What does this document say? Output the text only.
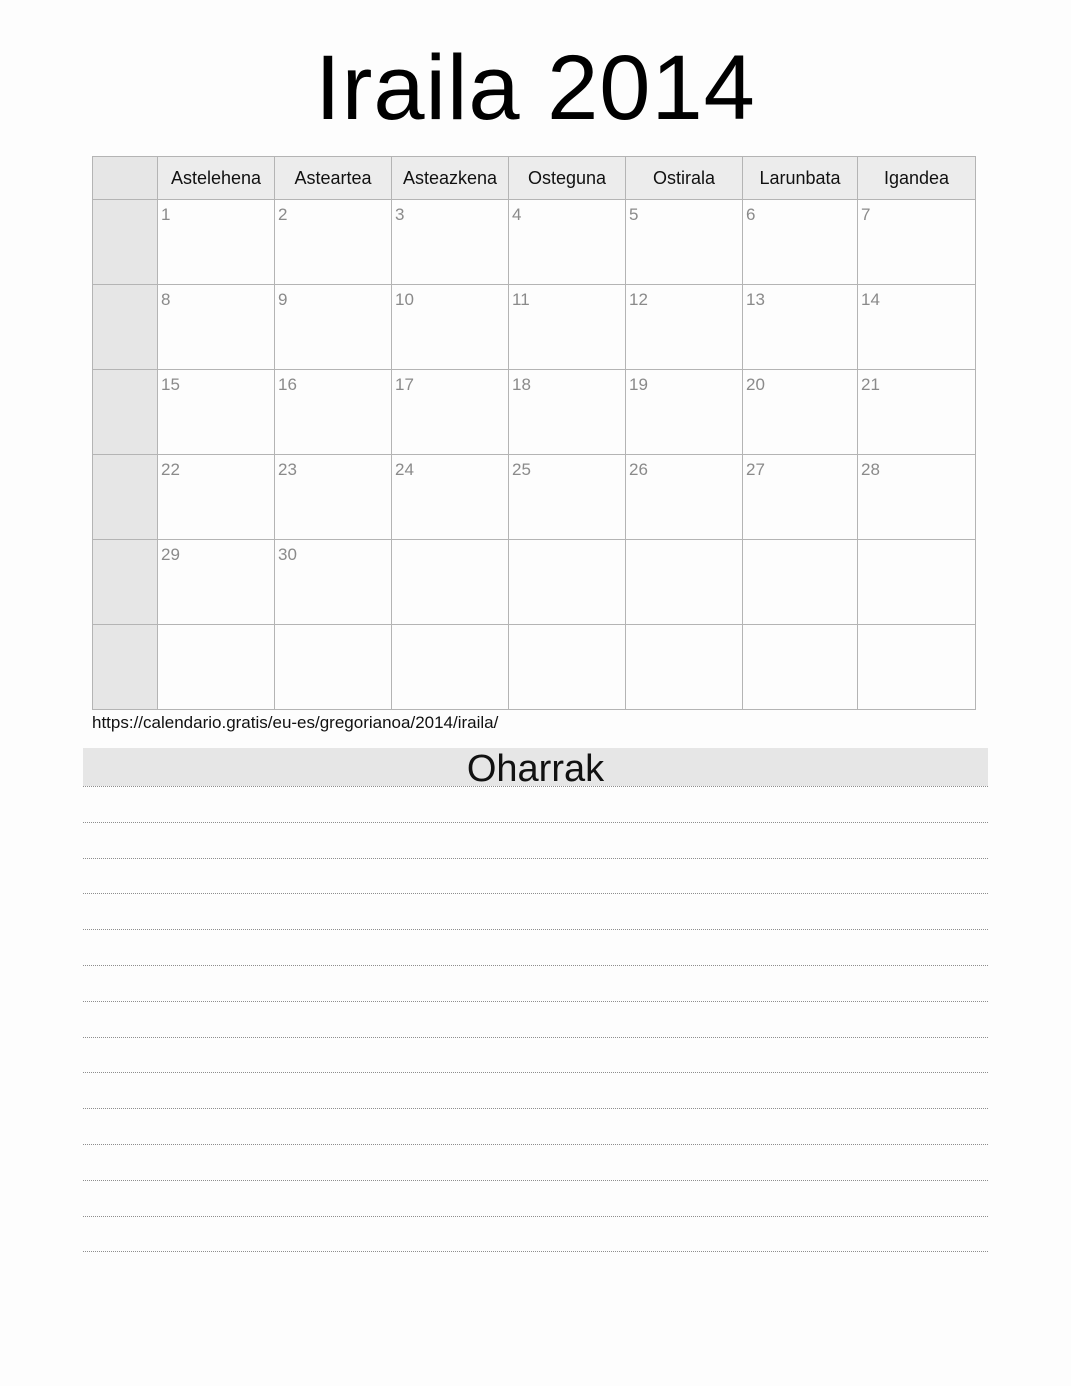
Iraila 2014
	Astelehena	Asteartea	Asteazkena	Osteguna	Ostirala	Larunbata	Igandea

	1	2	3	4	5	6	7

	8	9	10	11	12	13	14

	15	16	17	18	19	20	21

	22	23	24	25	26	27	28

	29	30					

https://calendario.gratis/eu-es/gregorianoa/2014/iraila/
Oharrak
